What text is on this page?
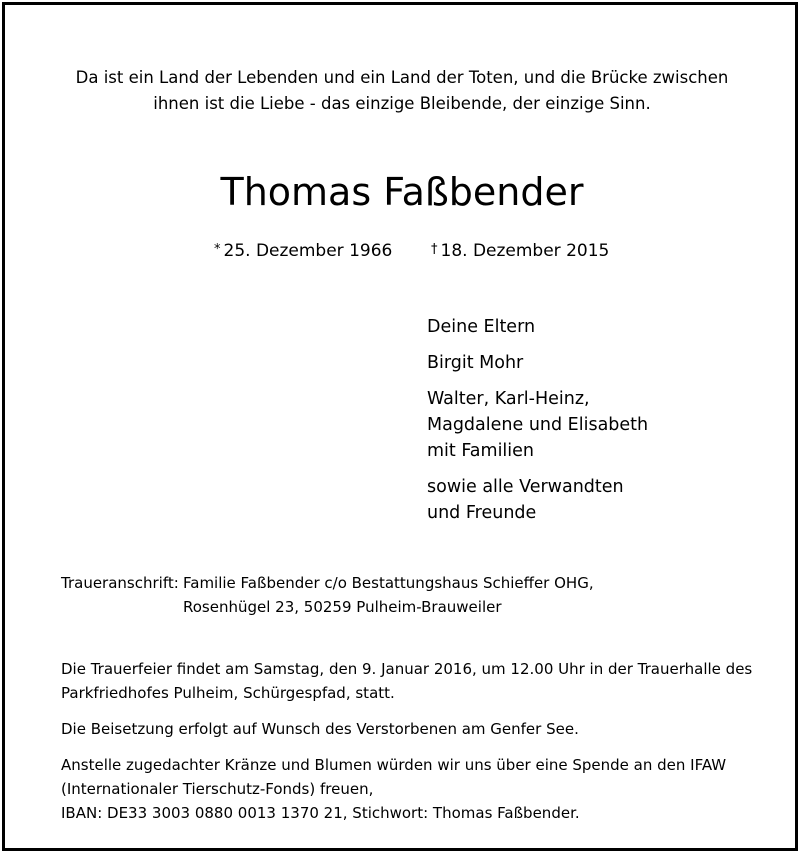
Da ist ein Land der Lebenden und ein Land der Toten, und die Brücke zwischen
ihnen ist die Liebe - das einzige Bleibende, der einzige Sinn.
Thomas Faßbender
* 25. Dezember 1966	† 18. Dezember 2015
Deine Eltern
Birgit Mohr
Walter, Karl-Heinz,
Magdalene und Elisabeth
mit Familien
sowie alle Verwandten
und Freunde
Traueranschrift: Familie Faßbender c/o Bestattungshaus Schieffer OHG,
Rosenhügel 23, 50259 Pulheim-Brauweiler
Die Trauerfeier findet am Samstag, den 9. Januar 2016, um 12.00 Uhr in der Trauerhalle des
Parkfriedhofes Pulheim, Schürgespfad, statt.
Die Beisetzung erfolgt auf Wunsch des Verstorbenen am Genfer See.
Anstelle zugedachter Kränze und Blumen würden wir uns über eine Spende an den IFAW
(Internationaler Tierschutz-Fonds) freuen,
IBAN: DE33 3003 0880 0013 1370 21, Stichwort: Thomas Faßbender.
